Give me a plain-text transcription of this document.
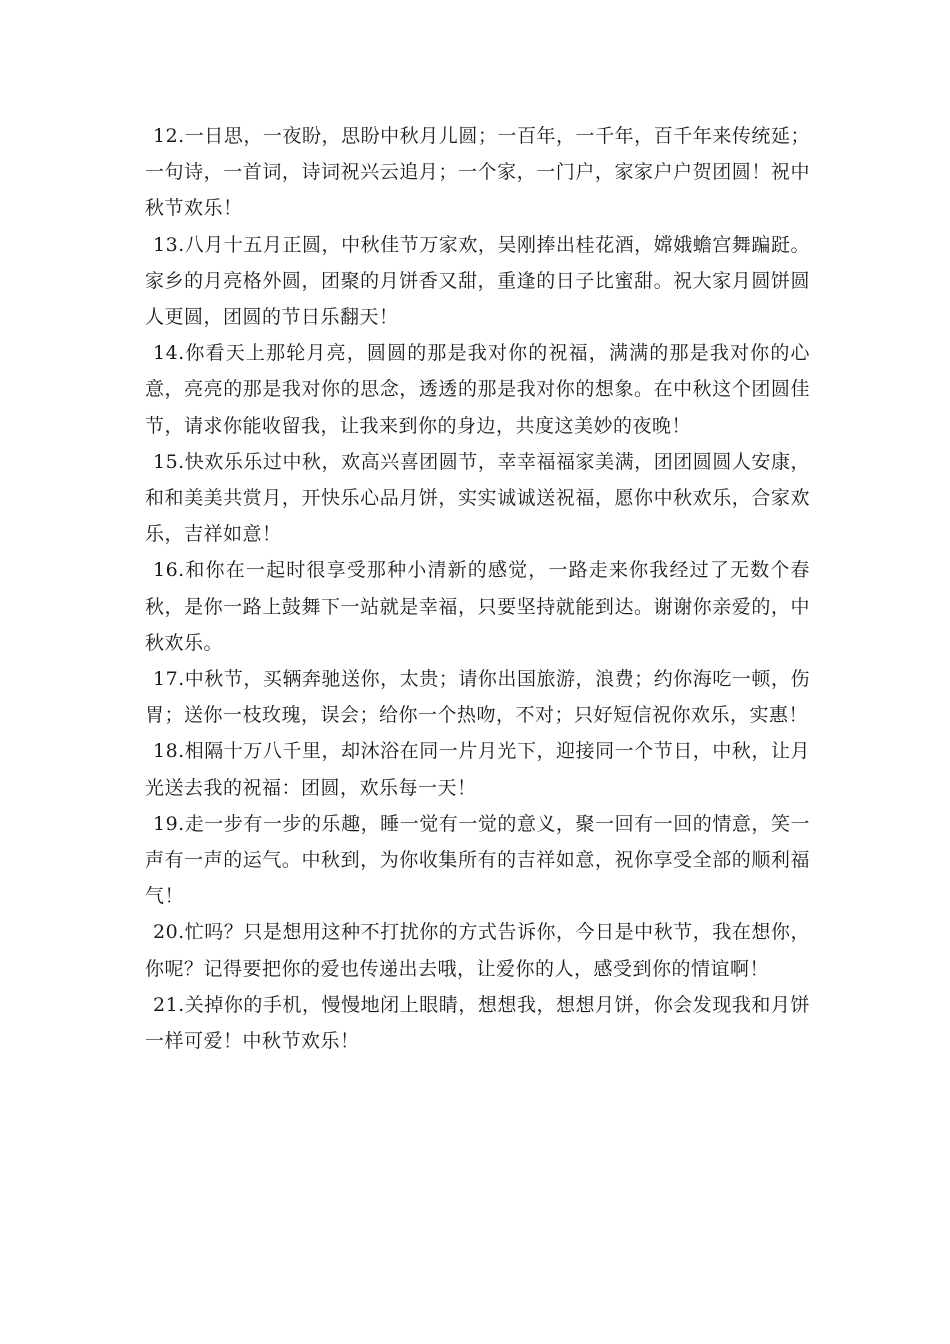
12.一日思，一夜盼，思盼中秋月儿圆；一百年，一千年，百千年来传统延；一句诗，一首词，诗词祝兴云追月；一个家，一门户，家家户户贺团圆！祝中秋节欢乐！

13.八月十五月正圆，中秋佳节万家欢，吴刚捧出桂花酒，嫦娥蟾宫舞蹁跹。家乡的月亮格外圆，团聚的月饼香又甜，重逢的日子比蜜甜。祝大家月圆饼圆人更圆，团圆的节日乐翻天！

14.你看天上那轮月亮，圆圆的那是我对你的祝福，满满的那是我对你的心意，亮亮的那是我对你的思念，透透的那是我对你的想象。在中秋这个团圆佳节，请求你能收留我，让我来到你的身边，共度这美妙的夜晚！

15.快欢乐乐过中秋，欢高兴喜团圆节，幸幸福福家美满，团团圆圆人安康，和和美美共赏月，开快乐心品月饼，实实诚诚送祝福，愿你中秋欢乐，合家欢乐，吉祥如意！

16.和你在一起时很享受那种小清新的感觉，一路走来你我经过了无数个春秋，是你一路上鼓舞下一站就是幸福，只要坚持就能到达。谢谢你亲爱的，中秋欢乐。

17.中秋节，买辆奔驰送你，太贵；请你出国旅游，浪费；约你海吃一顿，伤胃；送你一枝玫瑰，误会；给你一个热吻，不对；只好短信祝你欢乐，实惠！

18.相隔十万八千里，却沐浴在同一片月光下，迎接同一个节日，中秋，让月光送去我的祝福：团圆，欢乐每一天！

19.走一步有一步的乐趣，睡一觉有一觉的意义，聚一回有一回的情意，笑一声有一声的运气。中秋到，为你收集所有的吉祥如意，祝你享受全部的顺利福气！

20.忙吗？只是想用这种不打扰你的方式告诉你，今日是中秋节，我在想你，你呢？记得要把你的爱也传递出去哦，让爱你的人，感受到你的情谊啊！

21.关掉你的手机，慢慢地闭上眼睛，想想我，想想月饼，你会发现我和月饼一样可爱！中秋节欢乐！
